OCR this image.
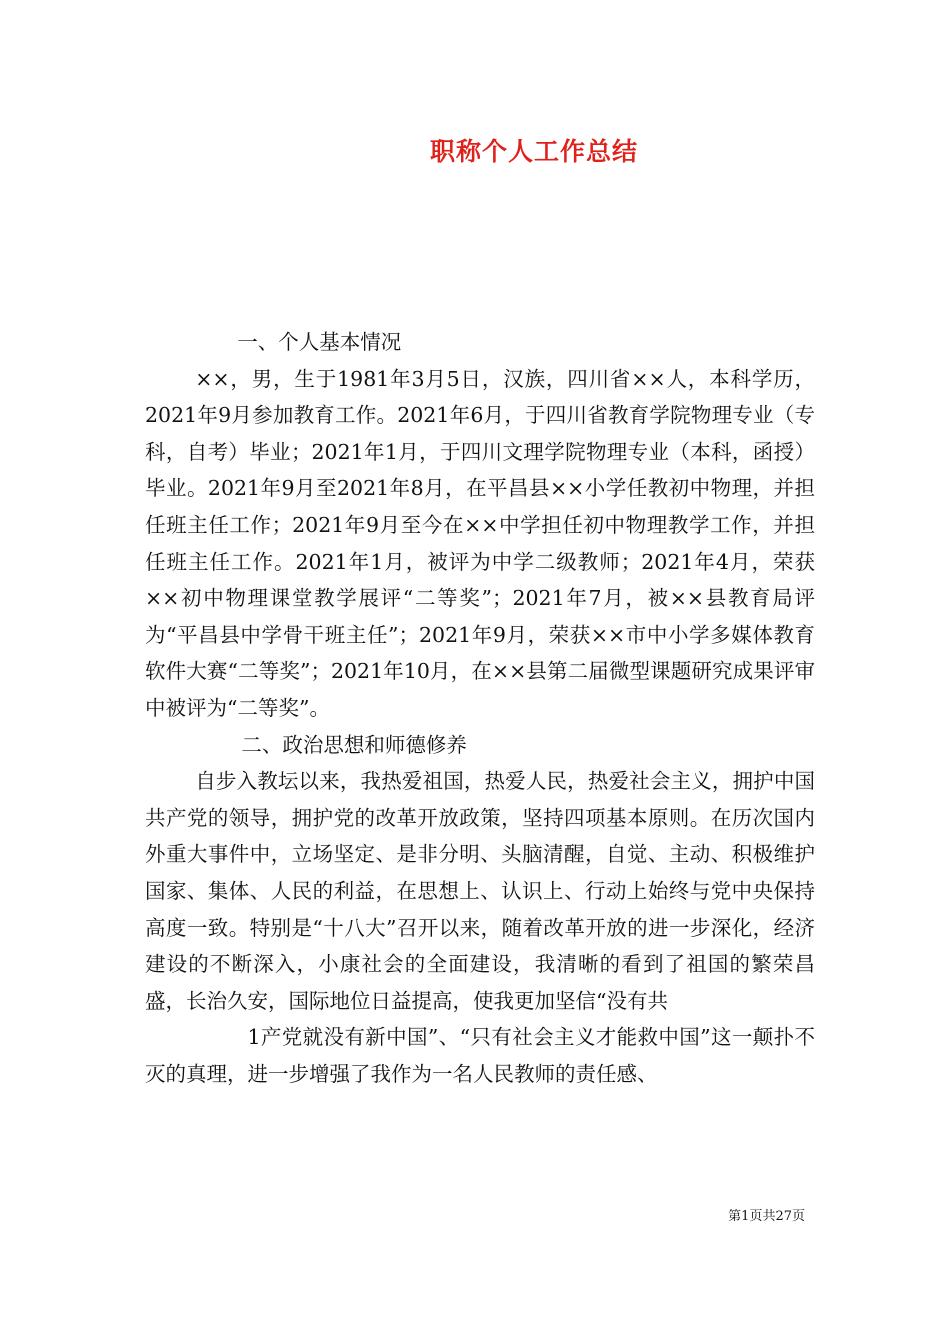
职称个人工作总结

一、个人基本情况

××，男，生于1981年3月5日，汉族，四川省××人，本科学历，2021年9月参加教育工作。2021年6月，于四川省教育学院物理专业（专科，自考）毕业；2021年1月，于四川文理学院物理专业（本科，函授）毕业。2021年9月至2021年8月，在平昌县××小学任教初中物理，并担任班主任工作；2021年9月至今在××中学担任初中物理教学工作，并担任班主任工作。2021年1月，被评为中学二级教师；2021年4月，荣获××初中物理课堂教学展评“二等奖”；2021年7月，被××县教育局评为“平昌县中学骨干班主任”；2021年9月，荣获××市中小学多媒体教育软件大赛“二等奖”；2021年10月，在××县第二届微型课题研究成果评审中被评为“二等奖”。

二、政治思想和师德修养

自步入教坛以来，我热爱祖国，热爱人民，热爱社会主义，拥护中国共产党的领导，拥护党的改革开放政策，坚持四项基本原则。在历次国内外重大事件中，立场坚定、是非分明、头脑清醒，自觉、主动、积极维护国家、集体、人民的利益，在思想上、认识上、行动上始终与党中央保持高度一致。特别是“十八大”召开以来，随着改革开放的进一步深化，经济建设的不断深入，小康社会的全面建设，我清晰的看到了祖国的繁荣昌盛，长治久安，国际地位日益提高，使我更加坚信“没有共

1产党就没有新中国”、“只有社会主义才能救中国”这一颠扑不灭的真理，进一步增强了我作为一名人民教师的责任感、

第1页共27页
